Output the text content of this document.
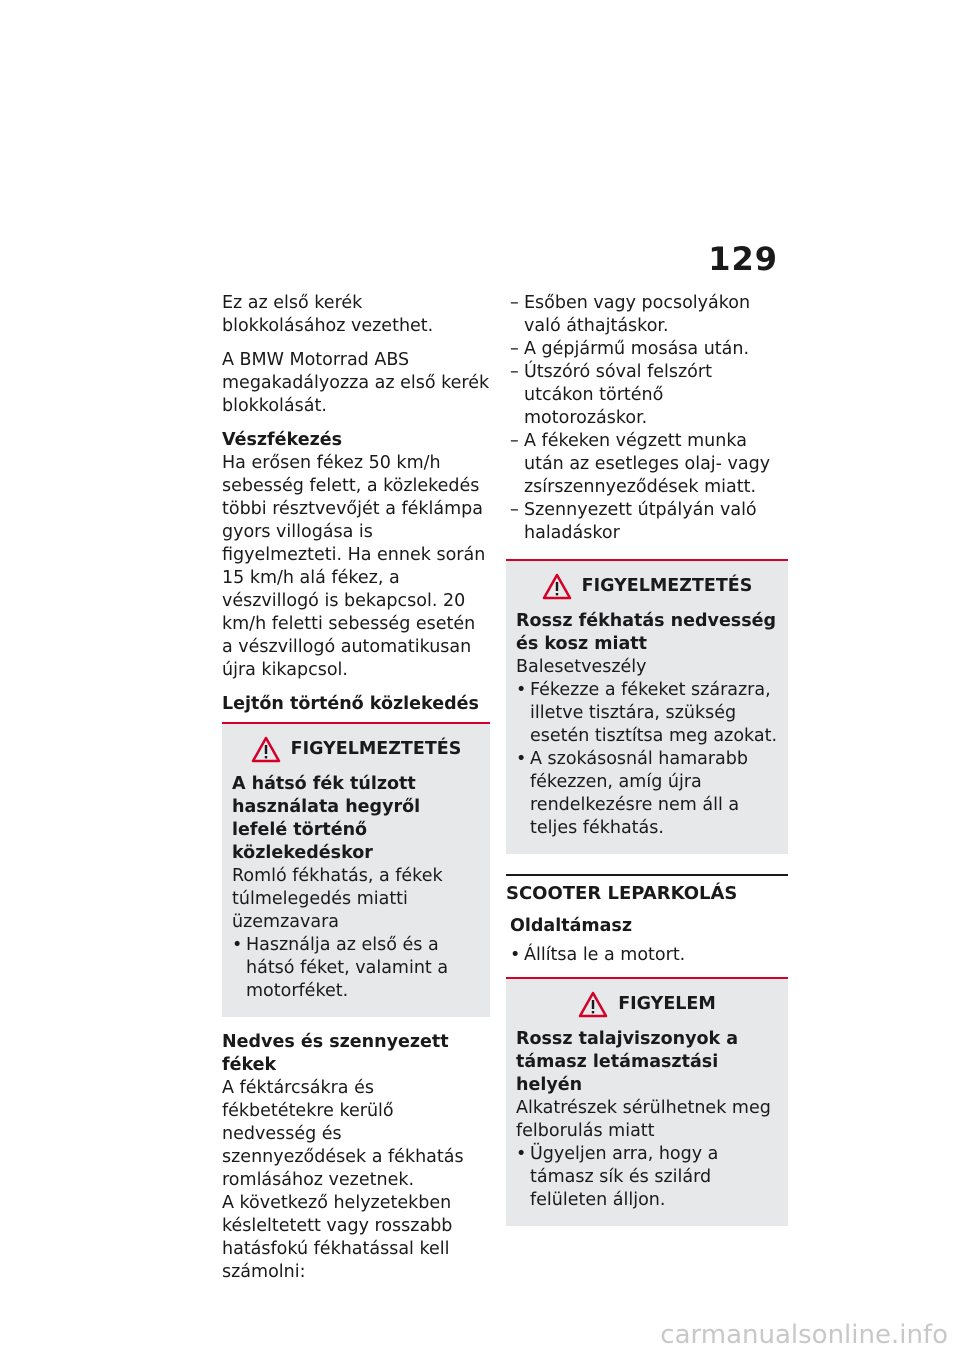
129

Ez az első kerék blokkolásához vezethet.

A BMW Motorrad ABS megakadályozza az első kerék blokkolását.

Vészfékezés

Ha erősen fékez 50 km/h sebesség felett, a közlekedés többi résztvevőjét a féklámpa gyors villogása is figyelmezteti. Ha ennek során 15 km/h alá fékez, a vészvillogó is bekapcsol. 20 km/h feletti sebesség esetén a vészvillogó automatikusan újra kikapcsol.

Lejtőn történő közlekedés
FIGYELMEZTETÉS

A hátsó fék túlzott használata hegyről lefelé történő közlekedéskor

Romló fékhatás, a fékek túlmelegedés miatti üzemzavara

• Használja az első és a hátsó féket, valamint a motorféket.

Nedves és szennyezett fékek

A féktárcsákra és fékbetétekre kerülő nedvesség és szennyeződések a fékhatás romlásához vezetnek.

A következő helyzetekben késleltetett vagy rosszabb hatásfokú fékhatással kell számolni:

– Esőben vagy pocsolyákon való áthajtáskor.

– A gépjármű mosása után.

– Útszóró sóval felszórt utcákon történő motorozáskor.

– A fékeken végzett munka után az esetleges olaj- vagy zsírszennyeződések miatt.

– Szennyezett útpályán való haladáskor

FIGYELMEZTETÉS

Rossz fékhatás nedvesség és kosz miatt

Balesetveszély

• Fékezze a fékeket szárazra, illetve tisztára, szükség esetén tisztítsa meg azokat.

• A szokásosnál hamarabb fékezzen, amíg újra rendelkezésre nem áll a teljes fékhatás.

SCOOTER LEPARKOLÁS
Oldaltámasz

• Állítsa le a motort.

FIGYELEM

Rossz talajviszonyok a támasz letámasztási helyén

Alkatrészek sérülhetnek meg felborulás miatt

• Ügyeljen arra, hogy a támasz sík és szilárd felületen álljon.

carmanualsonline.info
